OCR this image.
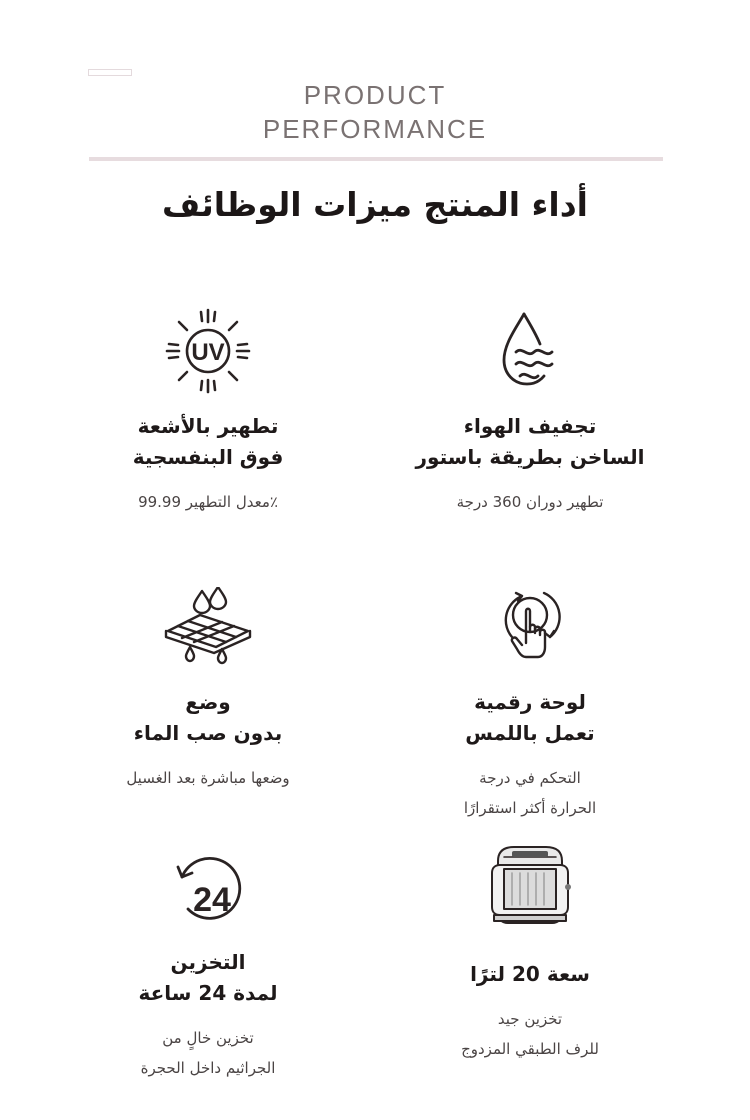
PRODUCT
PERFORMANCE
أداء المنتج ميزات الوظائف
UV
تطهير بالأشعة
فوق البنفسجية
٪معدل التطهير 99.99
تجفيف الهواء
الساخن بطريقة باستور
تطهير دوران 360 درجة
وضع
بدون صب الماء
وضعها مباشرة بعد الغسيل
لوحة رقمية
تعمل باللمس
التحكم في درجة
الحرارة أكثر استقرارًا
24
التخزين
لمدة 24 ساعة
تخزين خالٍ من
الجراثيم داخل الحجرة
سعة 20 لترًا
تخزين جيد
للرف الطبقي المزدوج
